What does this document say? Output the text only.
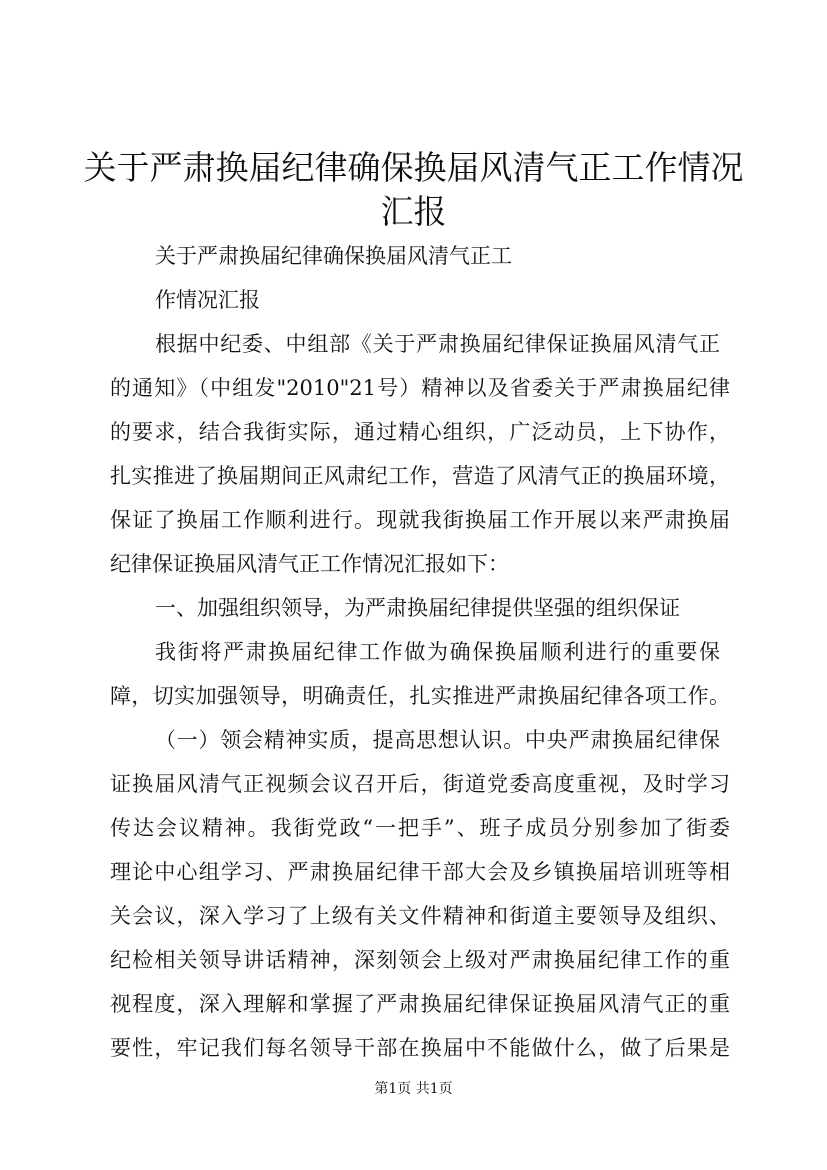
关于严肃换届纪律确保换届风清气正工作情况
汇报
关于严肃换届纪律确保换届风清气正工
作情况汇报
根据中纪委、中组部《关于严肃换届纪律保证换届风清气正
的通知》（中组发"2010"21号）精神以及省委关于严肃换届纪律
的要求，结合我街实际，通过精心组织，广泛动员，上下协作，
扎实推进了换届期间正风肃纪工作，营造了风清气正的换届环境，
保证了换届工作顺利进行。现就我街换届工作开展以来严肃换届
纪律保证换届风清气正工作情况汇报如下：
一、加强组织领导，为严肃换届纪律提供坚强的组织保证
我街将严肃换届纪律工作做为确保换届顺利进行的重要保
障，切实加强领导，明确责任，扎实推进严肃换届纪律各项工作。
（一）领会精神实质，提高思想认识。中央严肃换届纪律保
证换届风清气正视频会议召开后，街道党委高度重视，及时学习
传达会议精神。我街党政“一把手”、班子成员分别参加了街委
理论中心组学习、严肃换届纪律干部大会及乡镇换届培训班等相
关会议，深入学习了上级有关文件精神和街道主要领导及组织、
纪检相关领导讲话精神，深刻领会上级对严肃换届纪律工作的重
视程度，深入理解和掌握了严肃换届纪律保证换届风清气正的重
要性，牢记我们每名领导干部在换届中不能做什么，做了后果是
第1页 共1页
